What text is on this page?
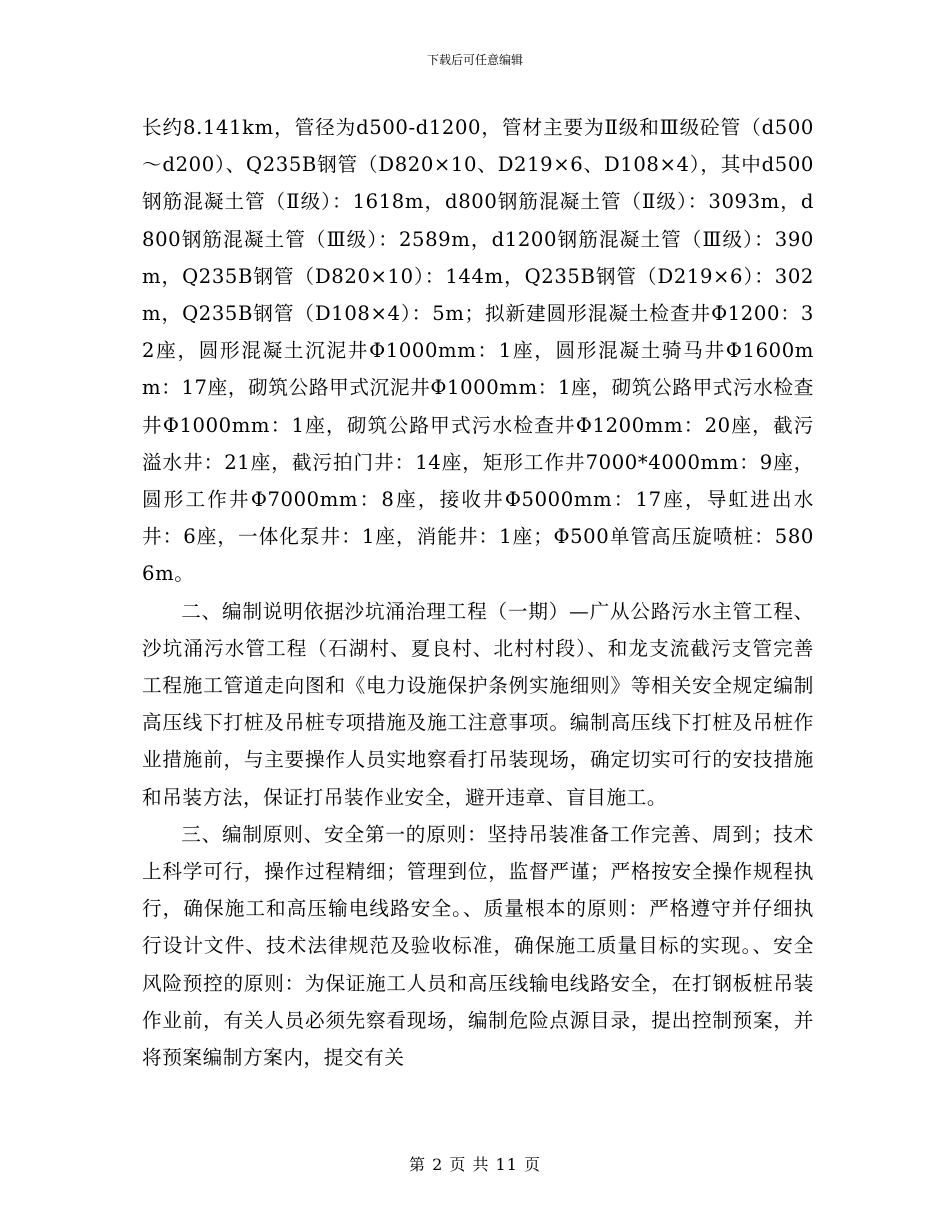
下载后可任意编辑

长约8.141km，管径为d500-d1200，管材主要为Ⅱ级和Ⅲ级砼管（d500～d200）、Q235B钢管（D820×10、D219×6、D108×4），其中d500钢筋混凝土管（Ⅱ级）：1618m，d800钢筋混凝土管（Ⅱ级）：3093m，d800钢筋混凝土管（Ⅲ级）：2589m，d1200钢筋混凝土管（Ⅲ级）：390m，Q235B钢管（D820×10）：144m，Q235B钢管（D219×6）：302m，Q235B钢管（D108×4）：5m；拟新建圆形混凝土检查井Φ1200：32座，圆形混凝土沉泥井Φ1000mm：1座，圆形混凝土骑马井Φ1600mm：17座，砌筑公路甲式沉泥井Φ1000mm：1座，砌筑公路甲式污水检查井Φ1000mm：1座，砌筑公路甲式污水检查井Φ1200mm：20座，截污溢水井：21座，截污拍门井：14座，矩形工作井7000*4000mm：9座，圆形工作井Φ7000mm：8座，接收井Φ5000mm：17座，导虹进出水井：6座，一体化泵井：1座，消能井：1座；Φ500单管高压旋喷桩：5806m。

二、编制说明依据沙坑涌治理工程（一期）—广从公路污水主管工程、沙坑涌污水管工程（石湖村、夏良村、北村村段）、和龙支流截污支管完善工程施工管道走向图和《电力设施保护条例实施细则》等相关安全规定编制高压线下打桩及吊桩专项措施及施工注意事项。编制高压线下打桩及吊桩作业措施前，与主要操作人员实地察看打吊装现场，确定切实可行的安技措施和吊装方法，保证打吊装作业安全，避开违章、盲目施工。

三、编制原则、安全第一的原则：坚持吊装准备工作完善、周到；技术上科学可行，操作过程精细；管理到位，监督严谨；严格按安全操作规程执行，确保施工和高压输电线路安全。、质量根本的原则：严格遵守并仔细执行设计文件、技术法律规范及验收标准，确保施工质量目标的实现。、安全风险预控的原则：为保证施工人员和高压线输电线路安全，在打钢板桩吊装作业前，有关人员必须先察看现场，编制危险点源目录，提出控制预案，并将预案编制方案内，提交有关

第 2 页 共 11 页
